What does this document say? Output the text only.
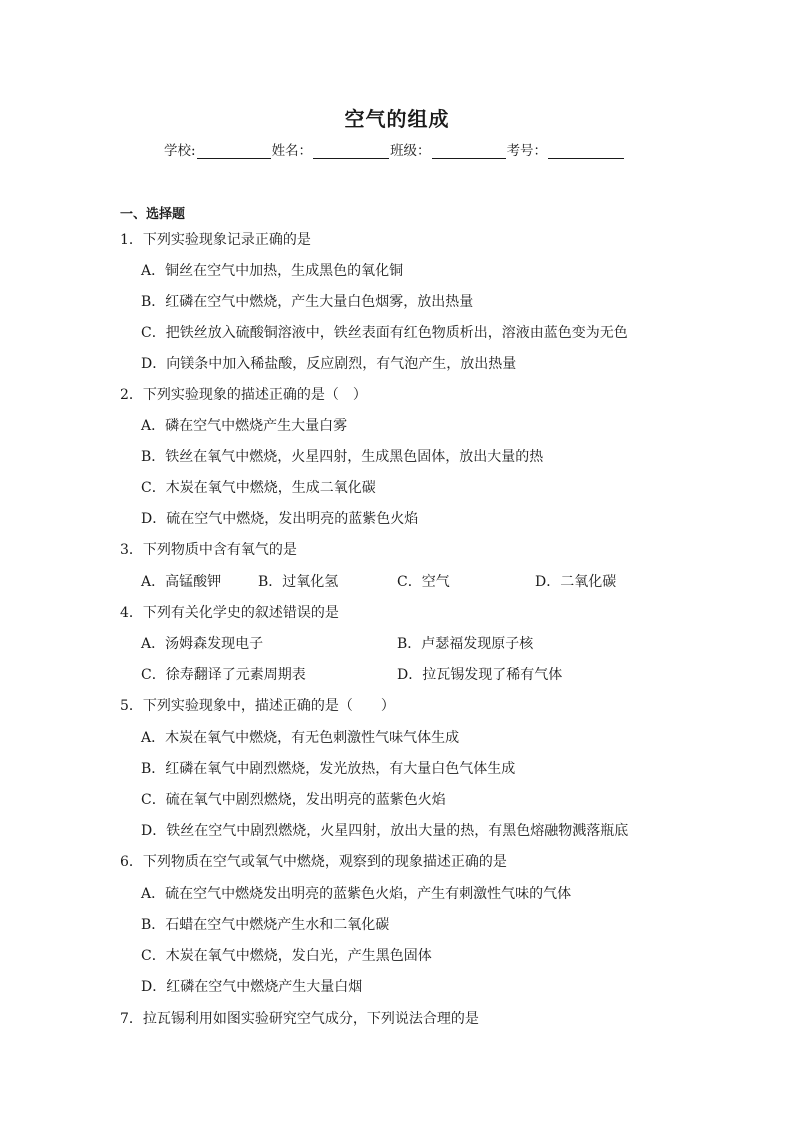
空气的组成
学校:	姓名：	班级：	考号：
一、选择题
1．下列实验现象记录正确的是
A．铜丝在空气中加热，生成黑色的氧化铜
B．红磷在空气中燃烧，产生大量白色烟雾，放出热量
C．把铁丝放入硫酸铜溶液中，铁丝表面有红色物质析出，溶液由蓝色变为无色
D．向镁条中加入稀盐酸，反应剧烈，有气泡产生，放出热量
2．下列实验现象的描述正确的是（　）
A．磷在空气中燃烧产生大量白雾
B．铁丝在氧气中燃烧，火星四射，生成黑色固体，放出大量的热
C．木炭在氧气中燃烧，生成二氧化碳
D．硫在空气中燃烧，发出明亮的蓝紫色火焰
3．下列物质中含有氧气的是
A．高锰酸钾	B．过氧化氢	C．空气	D．二氧化碳
4．下列有关化学史的叙述错误的是
A．汤姆森发现电子	B．卢瑟福发现原子核
C．徐寿翻译了元素周期表	D．拉瓦锡发现了稀有气体
5．下列实验现象中，描述正确的是（　　）
A．木炭在氧气中燃烧，有无色刺激性气味气体生成
B．红磷在氧气中剧烈燃烧，发光放热，有大量白色气体生成
C．硫在氧气中剧烈燃烧，发出明亮的蓝紫色火焰
D．铁丝在空气中剧烈燃烧，火星四射，放出大量的热，有黑色熔融物溅落瓶底
6．下列物质在空气或氧气中燃烧，观察到的现象描述正确的是
A．硫在空气中燃烧发出明亮的蓝紫色火焰，产生有刺激性气味的气体
B．石蜡在空气中燃烧产生水和二氧化碳
C．木炭在氧气中燃烧，发白光，产生黑色固体
D．红磷在空气中燃烧产生大量白烟
7．拉瓦锡利用如图实验研究空气成分，下列说法合理的是
